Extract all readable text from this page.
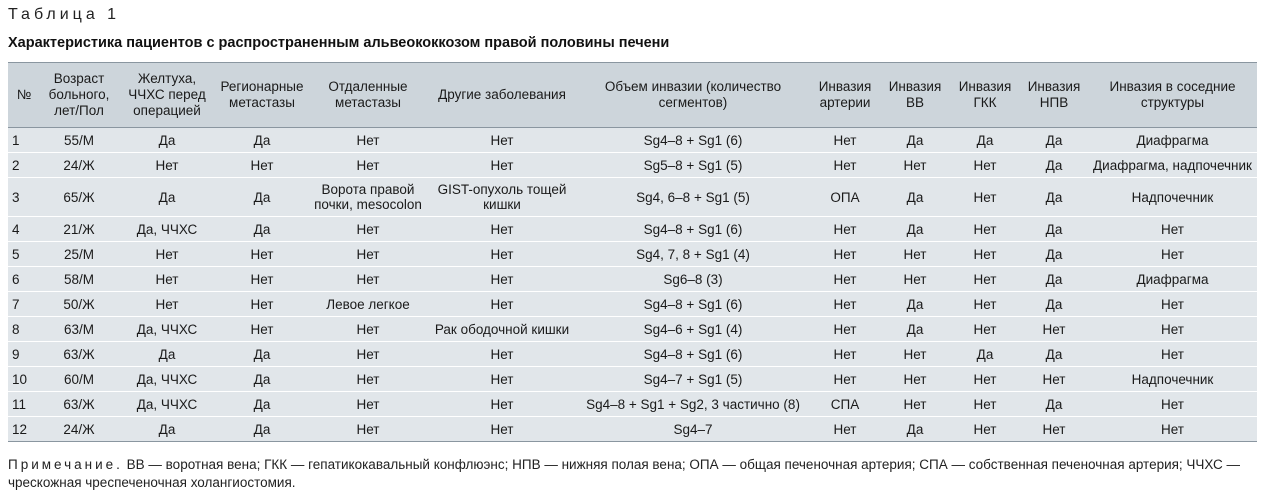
Таблица 1
Характеристика пациентов с распространенным альвеококкозом правой половины печени
№	Возраст больного, лет/Пол	Желтуха, ЧЧХС перед операцией	Регионарные метастазы	Отдаленные метастазы	Другие заболевания	Объем инвазии (количество сегментов)	Инвазия артерии	Инвазия ВВ	Инвазия ГКК	Инвазия НПВ	Инвазия в соседние структуры
1	55/М	Да	Да	Нет	Нет	Sg4–8 + Sg1 (6)	Нет	Да	Да	Да	Диафрагма
2	24/Ж	Нет	Нет	Нет	Нет	Sg5–8 + Sg1 (5)	Нет	Нет	Нет	Да	Диафрагма, надпочечник
3	65/Ж	Да	Да	Ворота правой почки, mesocolon	GIST-опухоль тощей кишки	Sg4, 6–8 + Sg1 (5)	ОПА	Да	Нет	Да	Надпочечник
4	21/Ж	Да, ЧЧХС	Да	Нет	Нет	Sg4–8 + Sg1 (6)	Нет	Да	Нет	Да	Нет
5	25/М	Нет	Нет	Нет	Нет	Sg4, 7, 8 + Sg1 (4)	Нет	Нет	Нет	Да	Нет
6	58/М	Нет	Нет	Нет	Нет	Sg6–8 (3)	Нет	Нет	Нет	Да	Диафрагма
7	50/Ж	Нет	Нет	Левое легкое	Нет	Sg4–8 + Sg1 (6)	Нет	Да	Нет	Да	Нет
8	63/М	Да, ЧЧХС	Нет	Нет	Рак ободочной кишки	Sg4–6 + Sg1 (4)	Нет	Да	Нет	Нет	Нет
9	63/Ж	Да	Да	Нет	Нет	Sg4–8 + Sg1 (6)	Нет	Нет	Да	Да	Нет
10	60/М	Да, ЧЧХС	Да	Нет	Нет	Sg4–7 + Sg1 (5)	Нет	Нет	Нет	Нет	Надпочечник
11	63/Ж	Да, ЧЧХС	Да	Нет	Нет	Sg4–8 + Sg1 + Sg2, 3 частично (8)	СПА	Нет	Нет	Да	Нет
12	24/Ж	Да	Да	Нет	Нет	Sg4–7	Нет	Да	Нет	Нет	Нет
Примечание. ВВ — воротная вена; ГКК — гепатикокавальный конфлюэнс; НПВ — нижняя полая вена; ОПА — общая печеночная артерия; СПА — собственная печеночная артерия; ЧЧХС — чрескожная чреспеченочная холангиостомия.
